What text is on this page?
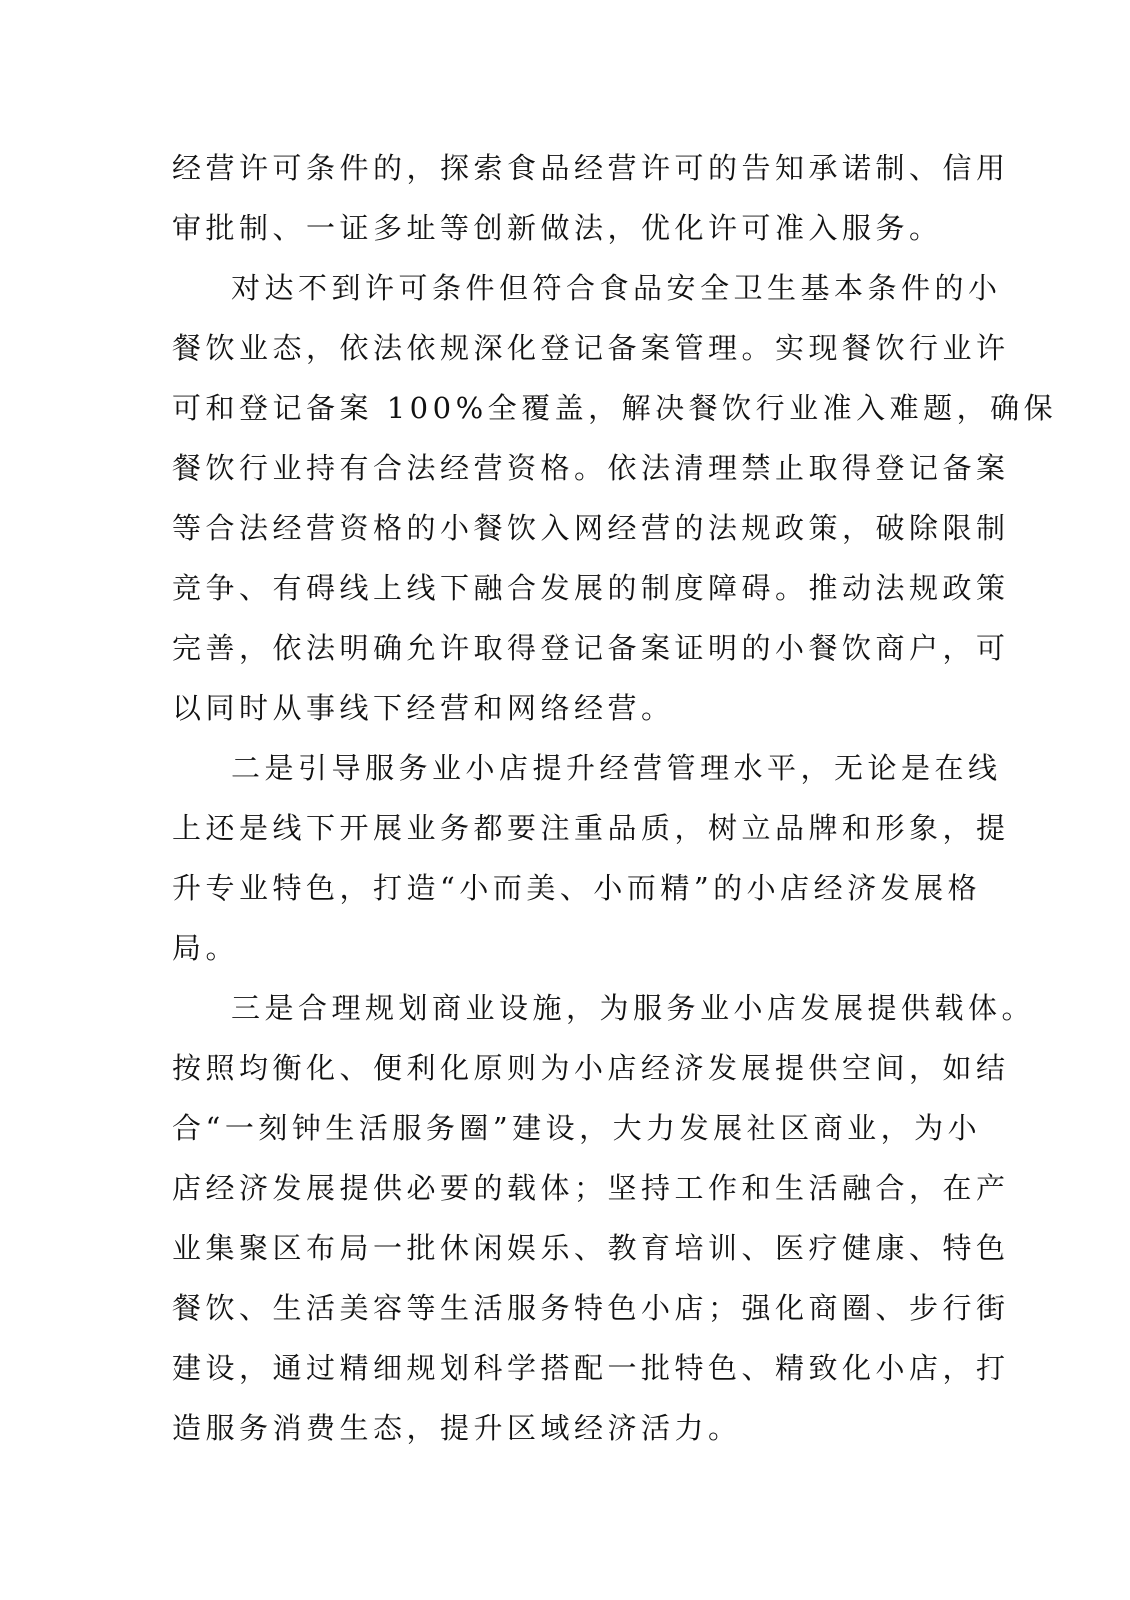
经营许可条件的，探索食品经营许可的告知承诺制、信用

审批制、一证多址等创新做法，优化许可准入服务。

对达不到许可条件但符合食品安全卫生基本条件的小

餐饮业态，依法依规深化登记备案管理。实现餐饮行业许

可和登记备案 100%全覆盖，解决餐饮行业准入难题，确保

餐饮行业持有合法经营资格。依法清理禁止取得登记备案

等合法经营资格的小餐饮入网经营的法规政策，破除限制

竞争、有碍线上线下融合发展的制度障碍。推动法规政策

完善，依法明确允许取得登记备案证明的小餐饮商户，可

以同时从事线下经营和网络经营。

二是引导服务业小店提升经营管理水平，无论是在线

上还是线下开展业务都要注重品质，树立品牌和形象，提

升专业特色，打造“小而美、小而精”的小店经济发展格

局。

三是合理规划商业设施，为服务业小店发展提供载体。

按照均衡化、便利化原则为小店经济发展提供空间，如结

合“一刻钟生活服务圈”建设，大力发展社区商业，为小

店经济发展提供必要的载体；坚持工作和生活融合，在产

业集聚区布局一批休闲娱乐、教育培训、医疗健康、特色

餐饮、生活美容等生活服务特色小店；强化商圈、步行街

建设，通过精细规划科学搭配一批特色、精致化小店，打

造服务消费生态，提升区域经济活力。
